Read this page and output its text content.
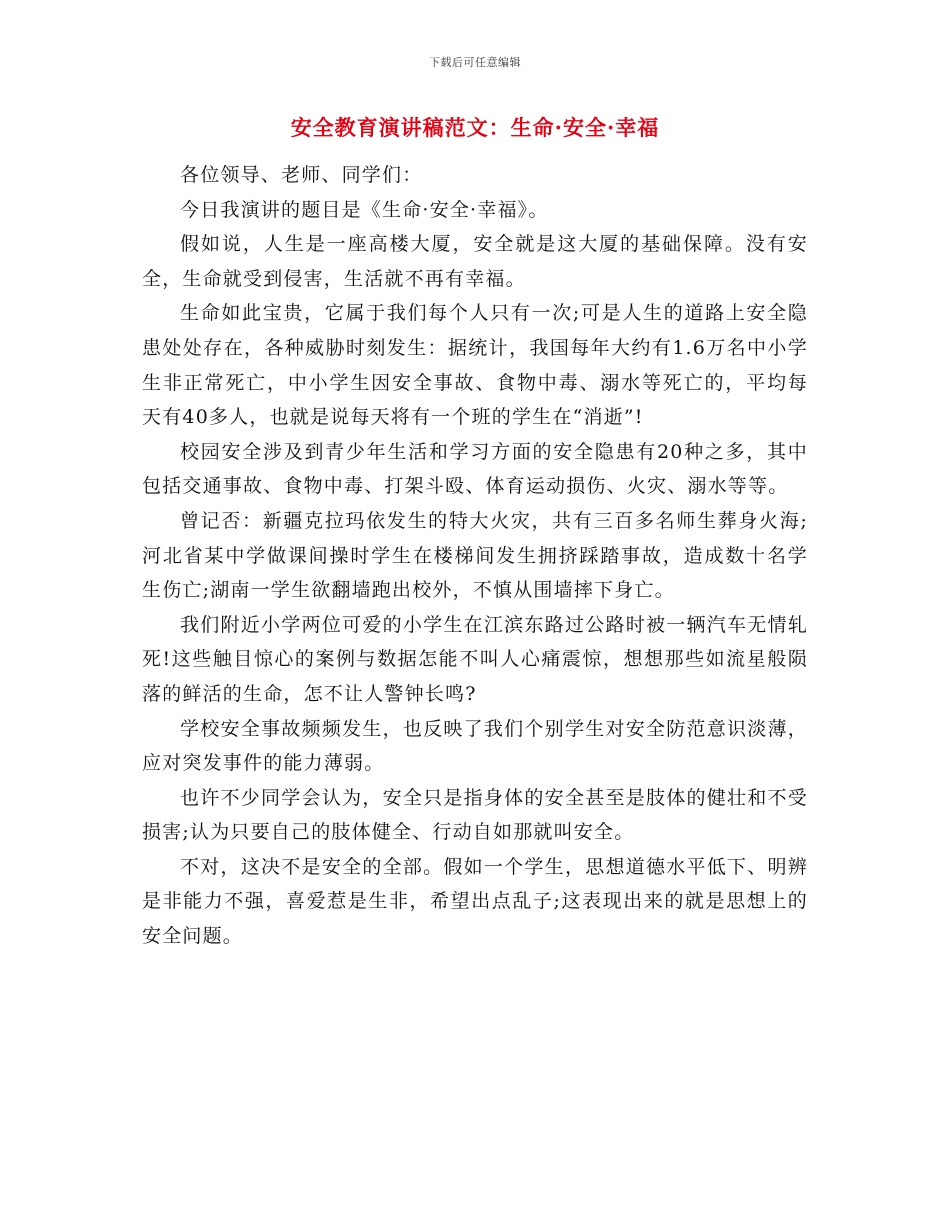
下载后可任意编辑
安全教育演讲稿范文：生命·安全·幸福

各位领导、老师、同学们：

今日我演讲的题目是《生命·安全·幸福》。

假如说，人生是一座高楼大厦，安全就是这大厦的基础保障。没有安全，生命就受到侵害，生活就不再有幸福。

生命如此宝贵，它属于我们每个人只有一次;可是人生的道路上安全隐患处处存在，各种威胁时刻发生：据统计，我国每年大约有1.6万名中小学生非正常死亡，中小学生因安全事故、食物中毒、溺水等死亡的，平均每天有40多人，也就是说每天将有一个班的学生在“消逝”!

校园安全涉及到青少年生活和学习方面的安全隐患有20种之多，其中包括交通事故、食物中毒、打架斗殴、体育运动损伤、火灾、溺水等等。

曾记否：新疆克拉玛依发生的特大火灾，共有三百多名师生葬身火海;河北省某中学做课间操时学生在楼梯间发生拥挤踩踏事故，造成数十名学生伤亡;湖南一学生欲翻墙跑出校外，不慎从围墙摔下身亡。

我们附近小学两位可爱的小学生在江滨东路过公路时被一辆汽车无情轧死!这些触目惊心的案例与数据怎能不叫人心痛震惊，想想那些如流星般陨落的鲜活的生命，怎不让人警钟长鸣?

学校安全事故频频发生，也反映了我们个别学生对安全防范意识淡薄，应对突发事件的能力薄弱。

也许不少同学会认为，安全只是指身体的安全甚至是肢体的健壮和不受损害;认为只要自己的肢体健全、行动自如那就叫安全。

不对，这决不是安全的全部。假如一个学生，思想道德水平低下、明辨是非能力不强，喜爱惹是生非，希望出点乱子;这表现出来的就是思想上的安全问题。
